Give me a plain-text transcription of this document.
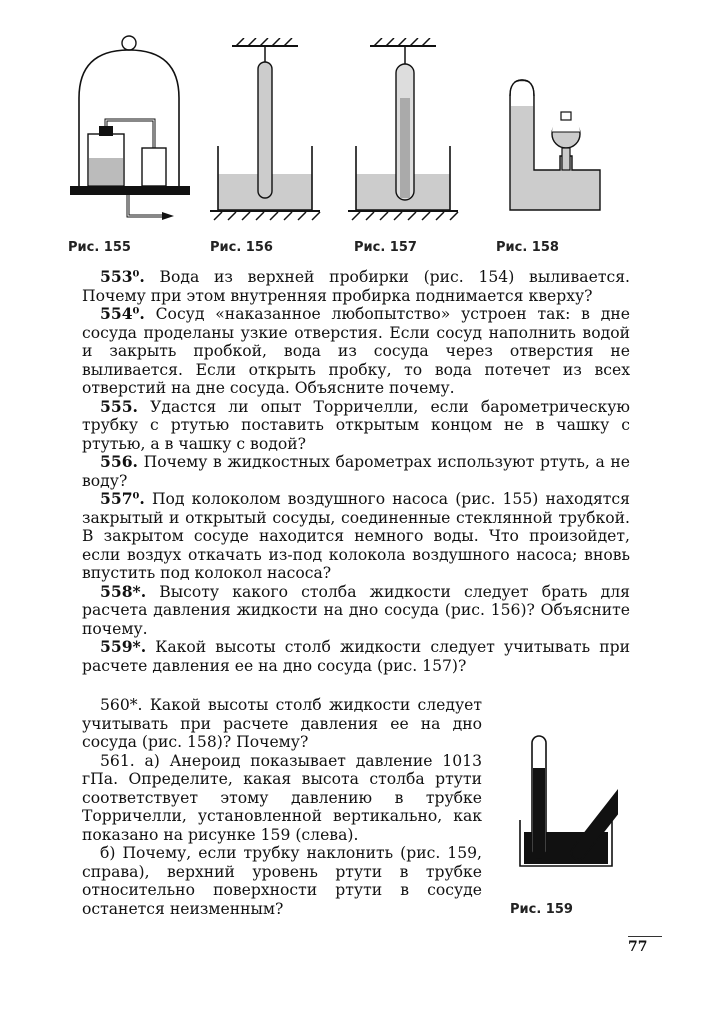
Рис. 155	Рис. 156	Рис. 157	Рис. 158

553⁰. Вода из верхней пробирки (рис. 154) выливается. Почему при этом внутренняя пробирка поднимается кверху?

554⁰. Сосуд «наказанное любопытство» устроен так: в дне сосуда проделаны узкие отверстия. Если сосуд наполнить водой и закрыть пробкой, вода из сосуда через отверстия не выливается. Если открыть пробку, то вода потечет из всех отверстий на дне сосуда. Объясните почему.

555. Удастся ли опыт Торричелли, если барометрическую трубку с ртутью поставить открытым концом не в чашку с ртутью, а в чашку с водой?

556. Почему в жидкостных барометрах используют ртуть, а не воду?

557⁰. Под колоколом воздушного насоса (рис. 155) находятся закрытый и открытый сосуды, соединенные стеклянной трубкой. В закрытом сосуде находится немного воды. Что произойдет, если воздух откачать из-под колокола воздушного насоса; вновь впустить под колокол насоса?

558*. Высоту какого столба жидкости следует брать для расчета давления жидкости на дно сосуда (рис. 156)? Объясните почему.

559*. Какой высоты столб жидкости следует учитывать при расчете давления ее на дно сосуда (рис. 157)?

560*. Какой высоты столб жидкости следует учитывать при расчете давления ее на дно сосуда (рис. 158)? Почему?

561. а) Анероид показывает давление 1013 гПа. Определите, какая высота столба ртути соответствует этому давлению в трубке Торричелли, установленной вертикально, как показано на рисунке 159 (слева).

б) Почему, если трубку наклонить (рис. 159, справа), верхний уровень ртути в трубке относительно поверхности ртути в сосуде останется неизменным?	Рис. 159
77
